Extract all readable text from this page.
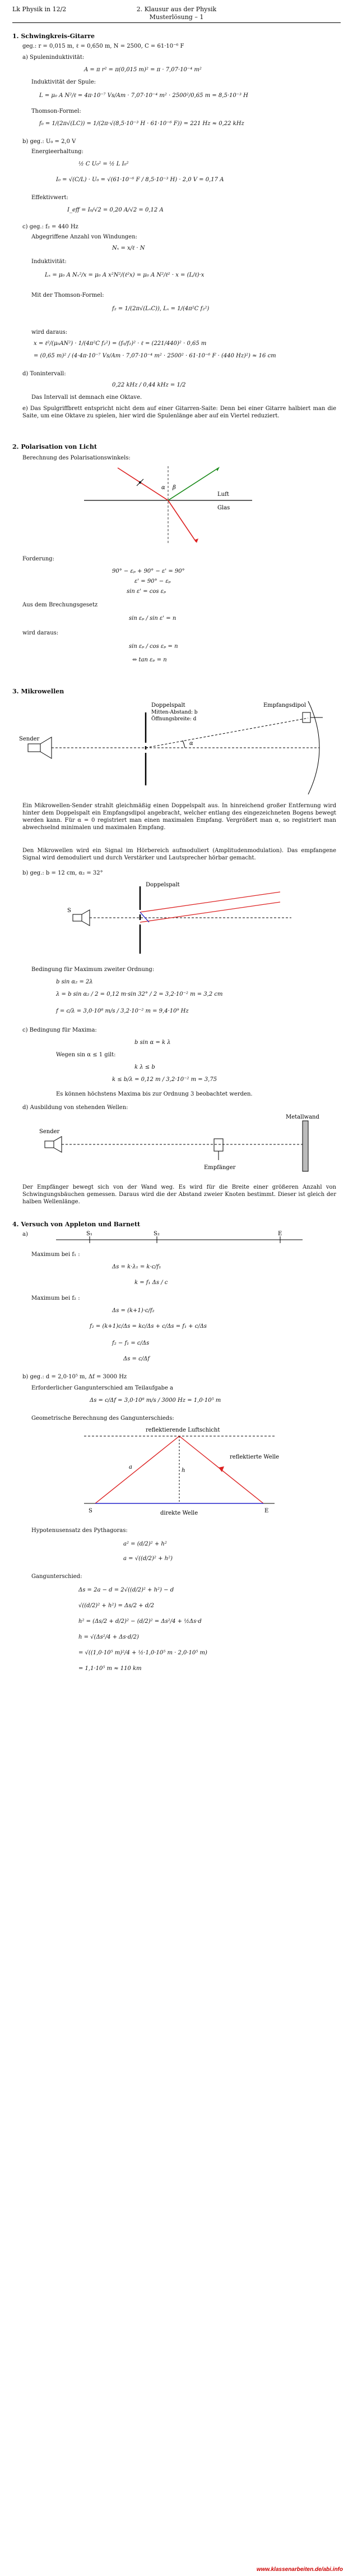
Lk Physik in 12/2	2. Klausur aus der Physik
Musterlösung – 1
1. Schwingkreis-Gitarre
geg.: r = 0,015 m, ℓ = 0,650 m, N = 2500, C = 61·10⁻⁶ F
a) Spuleninduktivität:
A = π r² = π(0,015 m)² = π · 7,07·10⁻⁴ m²
Induktivität der Spule:
L = μ₀ A N²/ℓ = 4π·10⁻⁷ Vs/Am · 7,07·10⁻⁴ m² · 2500²/0,65 m = 8,5·10⁻³ H
Thomson-Formel:
f₀ = 1/(2π√(LC)) = 1/(2π·√(8,5·10⁻³ H · 61·10⁻⁶ F)) = 221 Hz ≈ 0,22 kHz
b) geg.: U₀ = 2,0 V
Energieerhaltung:
½ C U₀² = ½ L I₀²
I₀ = √(C/L) · U₀ = √(61·10⁻⁶ F / 8,5·10⁻³ H) · 2,0 V = 0,17 A
Effektivwert:
I_eff = I₀/√2 = 0,20 A/√2 = 0,12 A
c) geg.: f₂ = 440 Hz
Abgegriffene Anzahl von Windungen:
Nₓ = x/ℓ · N
Induktivität:
Lₓ = μ₀ A Nₓ²/x = μ₀ A x²N²/(ℓ²x) = μ₀ A N²/ℓ² · x = (L/ℓ)·x
Mit der Thomson-Formel:
f₂ = 1/(2π√(LₓC)), Lₓ = 1/(4π²C f₂²)
wird daraus:
x = ℓ²/(μ₀AN²) · 1/(4π²C f₂²) = (f₀/f₂)² · ℓ = (221/440)² · 0,65 m
= (0,65 m)² / (4·4π·10⁻⁷ Vs/Am · 7,07·10⁻⁴ m² · 2500² · 61·10⁻⁶ F · (440 Hz)²) ≈ 16 cm
d) Tonintervall:
0,22 kHz / 0,44 kHz = 1/2
Das Intervall ist demnach eine Oktave.
e) Das Spulgriffbrett entspricht nicht dem auf einer Gitarren-Saite: Denn bei einer Gitarre halbiert man die Saite, um eine Oktave zu spielen, hier wird die Spulenlänge aber auf ein Viertel reduziert.
2. Polarisation von Licht
Berechnung des Polarisationswinkels:
Luft
Glas
α β
Forderung:
90° − εₚ + 90° − ε' = 90°
ε' = 90° − εₚ
sin ε' = cos εₚ
Aus dem Brechungsgesetz
sin εₚ / sin ε' = n
wird daraus:
sin εₚ / cos εₚ = n
⇔ tan εₚ = n
3. Mikrowellen
Sender
Doppelspalt
Mitten-Abstand: b
Öffnungsbreite: d
Empfangsdipol
α
Ein Mikrowellen-Sender strahlt gleichmäßig einen Doppelspalt aus. In hinreichend großer Entfernung wird hinter dem Doppelspalt ein Empfangsdipol angebracht, welcher entlang des eingezeichneten Bogens bewegt werden kann. Für α = 0 registriert man einen maximalen Empfang. Vergrößert man α, so registriert man abwechselnd minimalen und maximalen Empfang.
Den Mikrowellen wird ein Signal im Hörbereich aufmoduliert (Amplitudenmodulation). Das empfangene Signal wird demoduliert und durch Verstärker und Lautsprecher hörbar gemacht.
b) geg.: b = 12 cm, α₂ = 32°
S
Doppelspalt
Bedingung für Maximum zweiter Ordnung:
b sin α₂ = 2λ
λ = b sin α₂ / 2 = 0,12 m·sin 32° / 2 = 3,2·10⁻² m = 3,2 cm
f = c/λ = 3,0·10⁸ m/s / 3,2·10⁻² m = 9,4·10⁹ Hz
c) Bedingung für Maxima:
b sin α = k λ
Wegen sin α ≤ 1 gilt:
k λ ≤ b
k ≤ b/λ = 0,12 m / 3,2·10⁻² m = 3,75
Es können höchstens Maxima bis zur Ordnung 3 beobachtet werden.
d) Ausbildung von stehenden Wellen:
Sender
Metallwand
Empfänger
Der Empfänger bewegt sich von der Wand weg. Es wird für die Breite einer größeren Anzahl von Schwingungsbäuchen gemessen. Daraus wird die der Abstand zweier Knoten bestimmt. Dieser ist gleich der halben Wellenlänge.
4. Versuch von Appleton und Barnett
a)	S₁	S₂	E
Maximum bei f₁ :
Δs = k·λ₁ = k·c/f₁
k = f₁ Δs / c
Maximum bei f₂ :
Δs = (k+1)·c/f₂
f₂ = (k+1)c/Δs = kc/Δs + c/Δs = f₁ + c/Δs
f₂ − f₁ = c/Δs
Δs = c/Δf
b) geg.: d = 2,0·10⁵ m, Δf = 3000 Hz
Erforderlicher Gangunterschied am Teilaufgabe a
Δs = c/Δf = 3,0·10⁸ m/s / 3000 Hz = 1,0·10⁵ m
Geometrische Berechnung des Gangunterschieds:
reflektierende Luftschicht
reflektierte Welle
direkte Welle
S	E
h
a
Hypotenusensatz des Pythagoras:
a² = (d/2)² + h²
a = √((d/2)² + h²)
Gangunterschied:
Δs = 2a − d = 2√((d/2)² + h²) − d
√((d/2)² + h²) = Δs/2 + d/2
h² = (Δs/2 + d/2)² − (d/2)² = Δs²/4 + ½Δs·d
h = √(Δs²/4 + Δs·d/2)
= √((1,0·10⁵ m)²/4 + ½·1,0·10⁵ m · 2,0·10⁵ m)
= 1,1·10⁵ m ≈ 110 km
www.klassenarbeiten.de/abi.info
